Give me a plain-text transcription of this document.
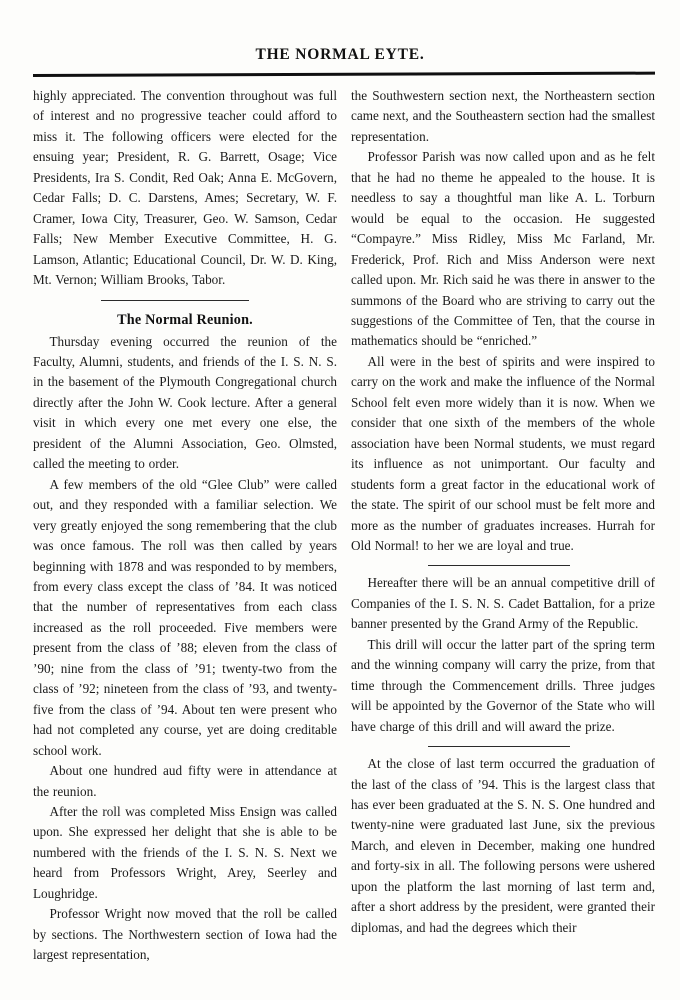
THE NORMAL EYTE.

highly appreciated. The convention throughout was full of interest and no progressive teacher could afford to miss it. The following officers were elected for the ensuing year; President, R. G. Barrett, Osage; Vice Presidents, Ira S. Condit, Red Oak; Anna E. McGovern, Cedar Falls; D. C. Darstens, Ames; Secretary, W. F. Cramer, Iowa City, Treasurer, Geo. W. Samson, Cedar Falls; New Member Executive Committee, H. G. Lamson, Atlantic; Educational Council, Dr. W. D. King, Mt. Vernon; William Brooks, Tabor.

The Normal Reunion.

Thursday evening occurred the reunion of the Faculty, Alumni, students, and friends of the I. S. N. S. in the basement of the Plymouth Congregational church directly after the John W. Cook lecture. After a general visit in which every one met every one else, the president of the Alumni Association, Geo. Olmsted, called the meeting to order.

A few members of the old “Glee Club” were called out, and they responded with a familiar selection. We very greatly enjoyed the song remembering that the club was once famous. The roll was then called by years beginning with 1878 and was responded to by members, from every class except the class of ’84. It was noticed that the number of representatives from each class increased as the roll proceeded. Five members were present from the class of ’88; eleven from the class of ’90; nine from the class of ’91; twenty-two from the class of ’92; nineteen from the class of ’93, and twenty-five from the class of ’94. About ten were present who had not completed any course, yet are doing creditable school work.

About one hundred aud fifty were in attendance at the reunion.

After the roll was completed Miss Ensign was called upon. She expressed her delight that she is able to be numbered with the friends of the I. S. N. S. Next we heard from Professors Wright, Arey, Seerley and Loughridge.

Professor Wright now moved that the roll be called by sections. The Northwestern section of Iowa had the largest representation,

the Southwestern section next, the Northeastern section came next, and the Southeastern section had the smallest representation.

Professor Parish was now called upon and as he felt that he had no theme he appealed to the house. It is needless to say a thoughtful man like A. L. Torburn would be equal to the occasion. He suggested “Compayre.” Miss Ridley, Miss Mc Farland, Mr. Frederick, Prof. Rich and Miss Anderson were next called upon. Mr. Rich said he was there in answer to the summons of the Board who are striving to carry out the suggestions of the Committee of Ten, that the course in mathematics should be “enriched.”

All were in the best of spirits and were inspired to carry on the work and make the influence of the Normal School felt even more widely than it is now. When we consider that one sixth of the members of the whole association have been Normal students, we must regard its influence as not unimportant. Our faculty and students form a great factor in the educational work of the state. The spirit of our school must be felt more and more as the number of graduates increases. Hurrah for Old Normal! to her we are loyal and true.

Hereafter there will be an annual competitive drill of Companies of the I. S. N. S. Cadet Battalion, for a prize banner presented by the Grand Army of the Republic.

This drill will occur the latter part of the spring term and the winning company will carry the prize, from that time through the Commencement drills. Three judges will be appointed by the Governor of the State who will have charge of this drill and will award the prize.

At the close of last term occurred the graduation of the last of the class of ’94. This is the largest class that has ever been graduated at the S. N. S. One hundred and twenty-nine were graduated last June, six the previous March, and eleven in December, making one hundred and forty-six in all. The following persons were ushered upon the platform the last morning of last term and, after a short address by the president, were granted their diplomas, and had the degrees which their
